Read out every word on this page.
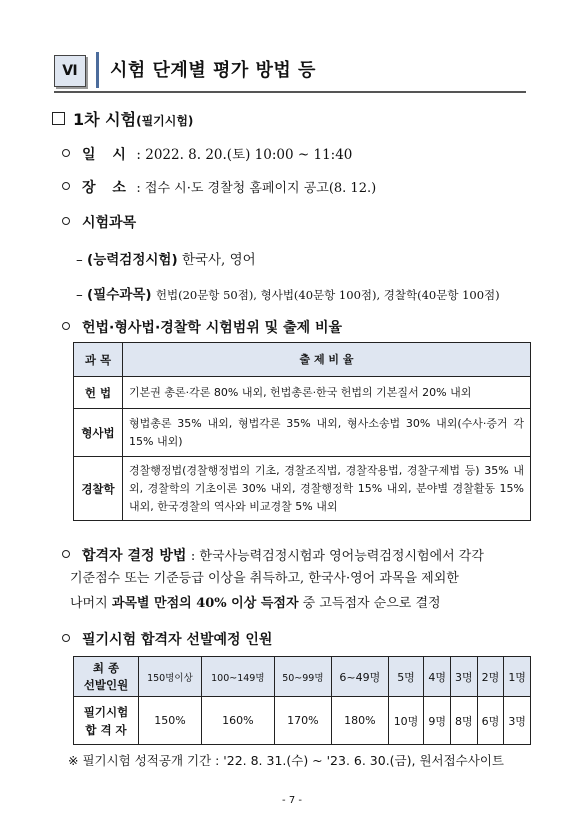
Ⅵ 시험 단계별 평가 방법 등
1차 시험(필기시험)
일 시 : 2022. 8. 20.(토) 10:00 ~ 11:40
장 소 : 접수 시·도 경찰청 홈페이지 공고(8. 12.)
시험과목
– (능력검정시험) 한국사, 영어
– (필수과목) 헌법(20문항 50점), 형사법(40문항 100점), 경찰학(40문항 100점)
헌법·형사법·경찰학 시험범위 및 출제 비율
과 목	출 제 비 율
헌 법	기본권 총론·각론 80% 내외, 헌법총론·한국 헌법의 기본질서 20% 내외
형사법	형법총론 35% 내외, 형법각론 35% 내외, 형사소송법 30% 내외(수사·증거 각 15% 내외)
경찰학	경찰행정법(경찰행정법의 기초, 경찰조직법, 경찰작용법, 경찰구제법 등) 35% 내외, 경찰학의 기초이론 30% 내외, 경찰행정학 15% 내외, 분야별 경찰활동 15% 내외, 한국경찰의 역사와 비교경찰 5% 내외
합격자 결정 방법 : 한국사능력검정시험과 영어능력검정시험에서 각각
기준점수 또는 기준등급 이상을 취득하고, 한국사·영어 과목을 제외한
나머지 과목별 만점의 40% 이상 득점자 중 고득점자 순으로 결정
필기시험 합격자 선발예정 인원
최 종
선발인원	150명이상	100~149명	50~99명	6~49명	5명	4명	3명	2명	1명
필기시험
합 격 자	150%	160%	170%	180%	10명	9명	8명	6명	3명
※ 필기시험 성적공개 기간 : '22. 8. 31.(수) ~ '23. 6. 30.(금), 원서접수사이트
- 7 -
